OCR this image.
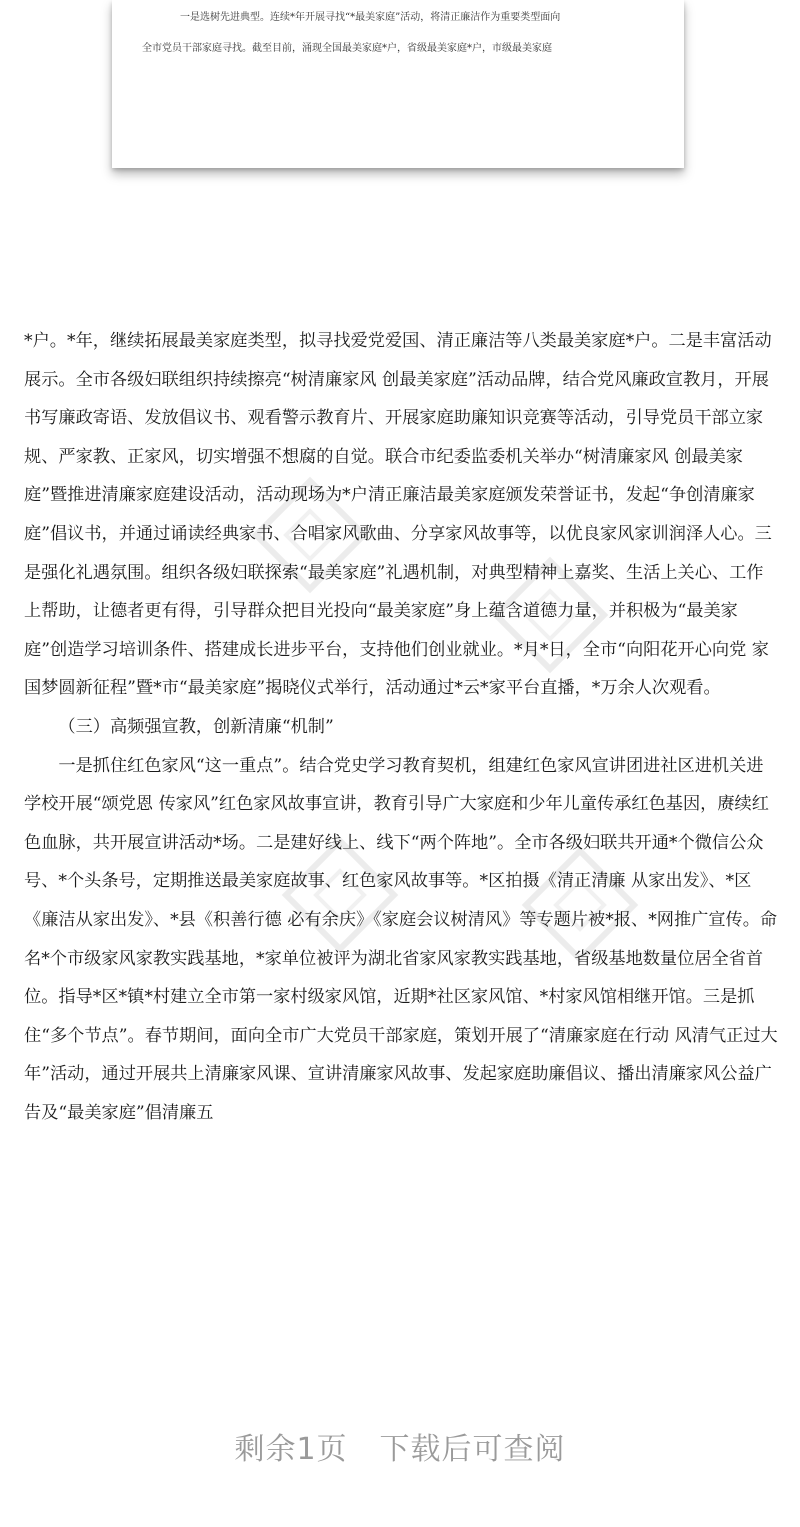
一是选树先进典型。连续*年开展寻找“*最美家庭”活动，将清正廉洁作为重要类型面向
全市党员干部家庭寻找。截至目前，涌现全国最美家庭*户，省级最美家庭*户，市级最美家庭

*户。*年，继续拓展最美家庭类型，拟寻找爱党爱国、清正廉洁等八类最美家庭*户。二是丰富活动展示。全市各级妇联组织持续擦亮“树清廉家风 创最美家庭”活动品牌，结合党风廉政宣教月，开展书写廉政寄语、发放倡议书、观看警示教育片、开展家庭助廉知识竞赛等活动，引导党员干部立家规、严家教、正家风，切实增强不想腐的自觉。联合市纪委监委机关举办“树清廉家风 创最美家庭”暨推进清廉家庭建设活动，活动现场为*户清正廉洁最美家庭颁发荣誉证书，发起“争创清廉家庭”倡议书，并通过诵读经典家书、合唱家风歌曲、分享家风故事等，以优良家风家训润泽人心。三是强化礼遇氛围。组织各级妇联探索“最美家庭”礼遇机制，对典型精神上嘉奖、生活上关心、工作上帮助，让德者更有得，引导群众把目光投向“最美家庭”身上蕴含道德力量，并积极为“最美家庭”创造学习培训条件、搭建成长进步平台，支持他们创业就业。*月*日，全市“向阳花开心向党 家国梦圆新征程”暨*市“最美家庭”揭晓仪式举行，活动通过*云*家平台直播，*万余人次观看。

（三）高频强宣教，创新清廉“机制”

一是抓住红色家风“这一重点”。结合党史学习教育契机，组建红色家风宣讲团进社区进机关进学校开展“颂党恩 传家风”红色家风故事宣讲，教育引导广大家庭和少年儿童传承红色基因，赓续红色血脉，共开展宣讲活动*场。二是建好线上、线下“两个阵地”。全市各级妇联共开通*个微信公众号、*个头条号，定期推送最美家庭故事、红色家风故事等。*区拍摄《清正清廉 从家出发》、*区《廉洁从家出发》、*县《积善行德 必有余庆》《家庭会议树清风》等专题片被*报、*网推广宣传。命名*个市级家风家教实践基地，*家单位被评为湖北省家风家教实践基地，省级基地数量位居全省首位。指导*区*镇*村建立全市第一家村级家风馆，近期*社区家风馆、*村家风馆相继开馆。三是抓住“多个节点”。春节期间，面向全市广大党员干部家庭，策划开展了“清廉家庭在行动 风清气正过大年”活动，通过开展共上清廉家风课、宣讲清廉家风故事、发起家庭助廉倡议、播出清廉家风公益广告及“最美家庭”倡清廉五

剩余1页 下载后可查阅
